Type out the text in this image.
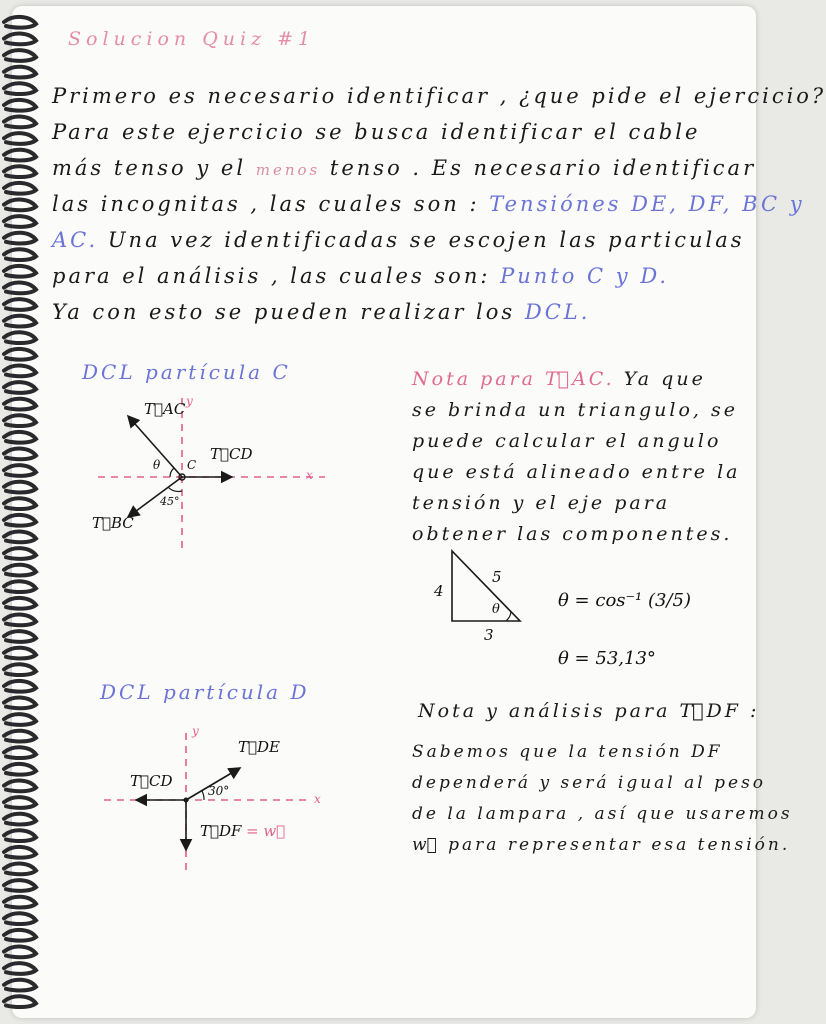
Solucion Quiz #1
Primero es necesario identificar , ¿que pide el ejercicio?
Para este ejercicio se busca identificar el cable
más tenso y el menos tenso . Es necesario identificar
las incognitas , las cuales son : Tensiónes DE, DF, BC y
AC. Una vez identificadas se escojen las particulas
para el análisis , las cuales son: Punto C y D.
Ya con esto se pueden realizar los DCL.
DCL partícula C
T⃗AC
T⃗CD
T⃗BC
y
x
C
θ
45°
Nota para T⃗AC. Ya que
se brinda un triangulo, se
puede calcular el angulo
que está alineado entre la
tensión y el eje para
obtener las componentes.
4
5
3
θ	θ = cos⁻¹ (3/5)
θ = 53,13°
DCL partícula D
T⃗DE
T⃗CD
T⃗DF = w⃗
y
x
30°
Nota y análisis para T⃗DF :
Sabemos que la tensión DF
dependerá y será igual al peso
de la lampara , así que usaremos
w⃗ para representar esa tensión.
